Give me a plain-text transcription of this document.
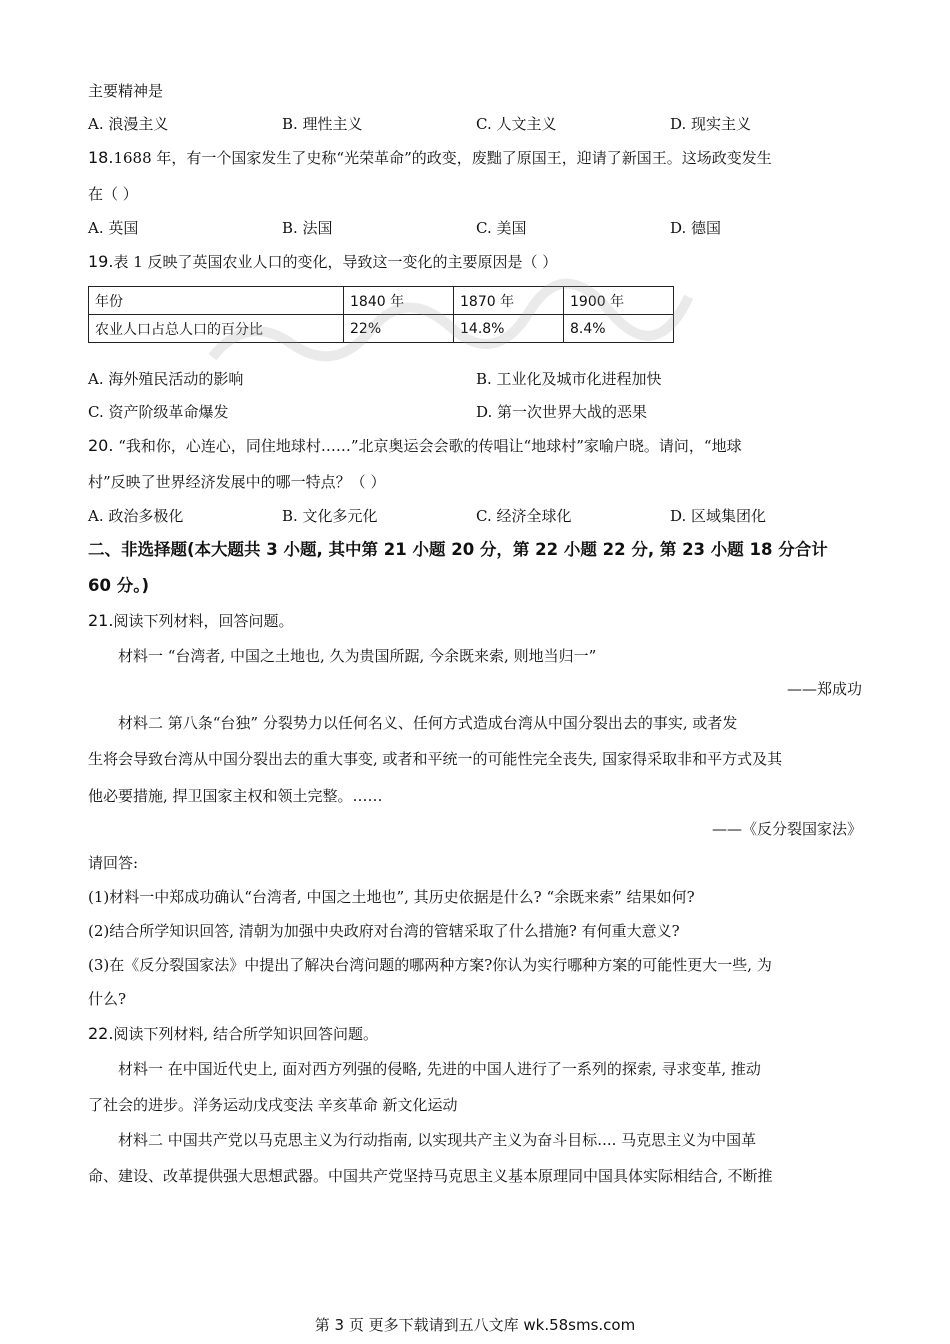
主要精神是
A. 浪漫主义	B. 理性主义	C. 人文主义	D. 现实主义
18.1688 年，有一个国家发生了史称“光荣革命”的政变，废黜了原国王，迎请了新国王。这场政变发生
在（ ）
A. 英国	B. 法国	C. 美国	D. 德国
19.表 1 反映了英国农业人口的变化，导致这一变化的主要原因是（ ）
年份	1840 年	1870 年	1900 年
农业人口占总人口的百分比	22%	14.8%	8.4%
A. 海外殖民活动的影响	B. 工业化及城市化进程加快
C. 资产阶级革命爆发	D. 第一次世界大战的恶果
20. “我和你，心连心，同住地球村……”北京奥运会会歌的传唱让“地球村”家喻户晓。请问，“地球
村”反映了世界经济发展中的哪一特点？（ ）
A. 政治多极化	B. 文化多元化	C. 经济全球化	D. 区域集团化
二、非选择题(本大题共 3 小题, 其中第 21 小题 20 分，第 22 小题 22 分, 第 23 小题 18 分合计
60 分。)
21.阅读下列材料，回答问题。
材料一 “台湾者, 中国之土地也, 久为贵国所踞, 今余既来索, 则地当归一”
——郑成功
材料二 第八条“台独” 分裂势力以任何名义、任何方式造成台湾从中国分裂出去的事实, 或者发
生将会导致台湾从中国分裂出去的重大事变, 或者和平统一的可能性完全丧失, 国家得采取非和平方式及其
他必要措施, 捍卫国家主权和领土完整。……
——《反分裂国家法》
请回答:
(1)材料一中郑成功确认“台湾者, 中国之土地也”, 其历史依据是什么? “余既来索” 结果如何?
(2)结合所学知识回答, 清朝为加强中央政府对台湾的管辖采取了什么措施? 有何重大意义?
(3)在《反分裂国家法》中提出了解决台湾问题的哪两种方案?你认为实行哪种方案的可能性更大一些, 为
什么?
22.阅读下列材料, 结合所学知识回答问题。
材料一 在中国近代史上, 面对西方列强的侵略, 先进的中国人进行了一系列的探索, 寻求变革, 推动
了社会的进步。洋务运动戊戌变法 辛亥革命 新文化运动
材料二 中国共产党以马克思主义为行动指南, 以实现共产主义为奋斗目标.... 马克思主义为中国革
命、建设、改革提供强大思想武器。中国共产党坚持马克思主义基本原理同中国具体实际相结合, 不断推
第 3 页 更多下载请到五八文库 wk.58sms.com
